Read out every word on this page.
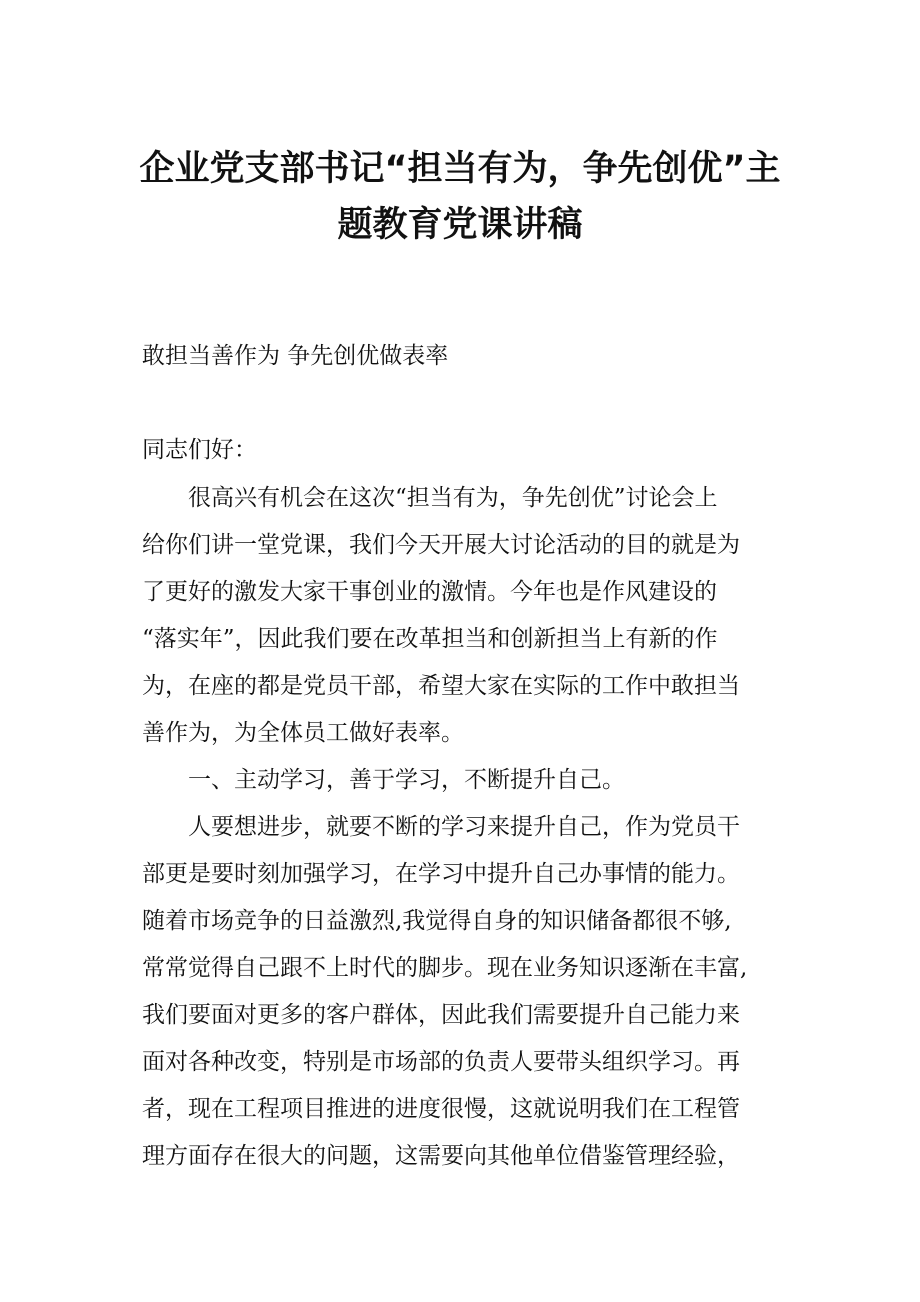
企业党支部书记“担当有为，争先创优”主
题教育党课讲稿

敢担当善作为 争先创优做表率

同志们好：

很高兴有机会在这次“担当有为，争先创优”讨论会上

给你们讲一堂党课，我们今天开展大讨论活动的目的就是为

了更好的激发大家干事创业的激情。今年也是作风建设的

“落实年”，因此我们要在改革担当和创新担当上有新的作

为，在座的都是党员干部，希望大家在实际的工作中敢担当

善作为，为全体员工做好表率。

一、主动学习，善于学习，不断提升自己。

人要想进步，就要不断的学习来提升自己，作为党员干

部更是要时刻加强学习，在学习中提升自己办事情的能力。

随着市场竞争的日益激烈,我觉得自身的知识储备都很不够,

常常觉得自己跟不上时代的脚步。现在业务知识逐渐在丰富,

我们要面对更多的客户群体，因此我们需要提升自己能力来

面对各种改变，特别是市场部的负责人要带头组织学习。再

者，现在工程项目推进的进度很慢，这就说明我们在工程管

理方面存在很大的问题，这需要向其他单位借鉴管理经验，
